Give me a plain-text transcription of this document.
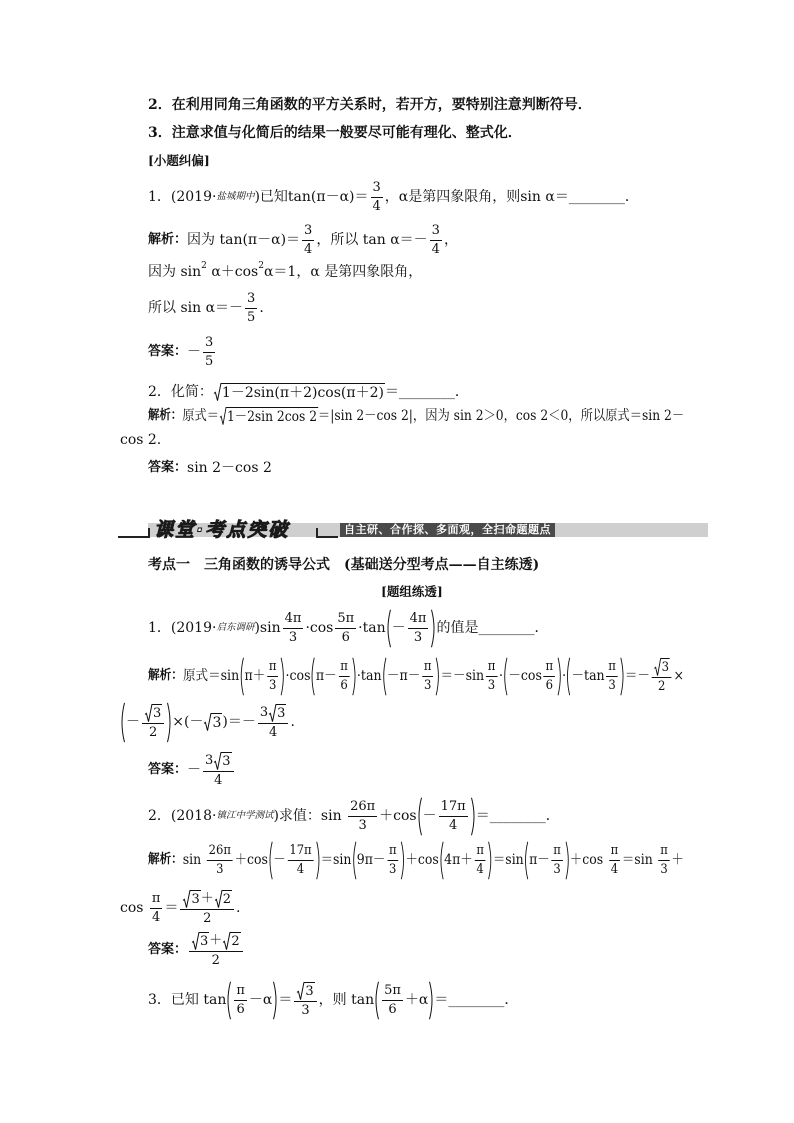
2．在利用同角三角函数的平方关系时，若开方，要特别注意判断符号．
3．注意求值与化简后的结果一般要尽可能有理化、整式化．
[小题纠偏]
1．(2019· 盐城期中 )已知$\tan(\pi-\alpha)= \frac{3}{4}$ ，α是第四象限角，则sin α＝________．
解析： 因为 $\tan(\pi-\alpha)= \frac{3}{4}$ ，所以 $\tan \alpha=- \frac{3}{4}$ ，
因为 sin 2 α＋cos 2 α＝1，α 是第四象限角，
所以 $\sin \alpha=- \frac{3}{5}$ .
答案： － $\frac{3}{5}$
2．化简： 1－2sin(π＋2)cos(π＋2) ＝________．
解析： 原式＝ 1－2sin 2cos 2 ＝|sin 2－cos 2|，因为 sin 2＞0，cos 2＜0，所以原式＝sin 2－
cos 2.
答案： sin 2－cos 2
课堂·考点突破	自主研、合作探、多面观，全扫命题题点
考点一　三角函数的诱导公式　(基础送分型考点——自主练透)
[题组练透]
1．(2019· 启东调研 )$\sin \frac{4\pi}{3} \cdot\cos \frac{5\pi}{6} \cdot\tan - \frac{4\pi}{3}$ 的值是________．
解析： 原式＝sin $\pi+ \frac{\pi}{3} \cdot\cos$ $\pi- \frac{\pi}{6} \cdot\tan -\pi- \frac{\pi}{3} =-\sin \frac{\pi}{3} \cdot -\cos \frac{\pi}{6} \cdot -\tan \frac{\pi}{3} =- \frac{3}{2}$ ×
－ $\frac{3}{2}$ ×(－ 3 )＝－ $\frac{3 3}{4}$ .
答案： － $\frac{3 3}{4}$
2．(2018· 镇江中学测试 )求值：$\sin \frac{26\pi}{3} +\cos - \frac{17\pi}{4}$ ＝________．
解析： $\sin \frac{26\pi}{3} +\cos - \frac{17\pi}{4} =\sin$ $9\pi- \frac{\pi}{3} +\cos$ $4\pi+ \frac{\pi}{4} =\sin$ $\pi- \frac{\pi}{3} +\cos \frac{\pi}{4} =\sin \frac{\pi}{3}$ ＋
$\cos \frac{\pi}{4} = \frac{3 + 2}{2}$ .
答案： $\frac{3 + 2}{2}$
3．已知 $\tan \frac{\pi}{6} -\alpha = \frac{3}{3}$ ，则 $\tan \frac{5\pi}{6} +\alpha$ ＝________．
